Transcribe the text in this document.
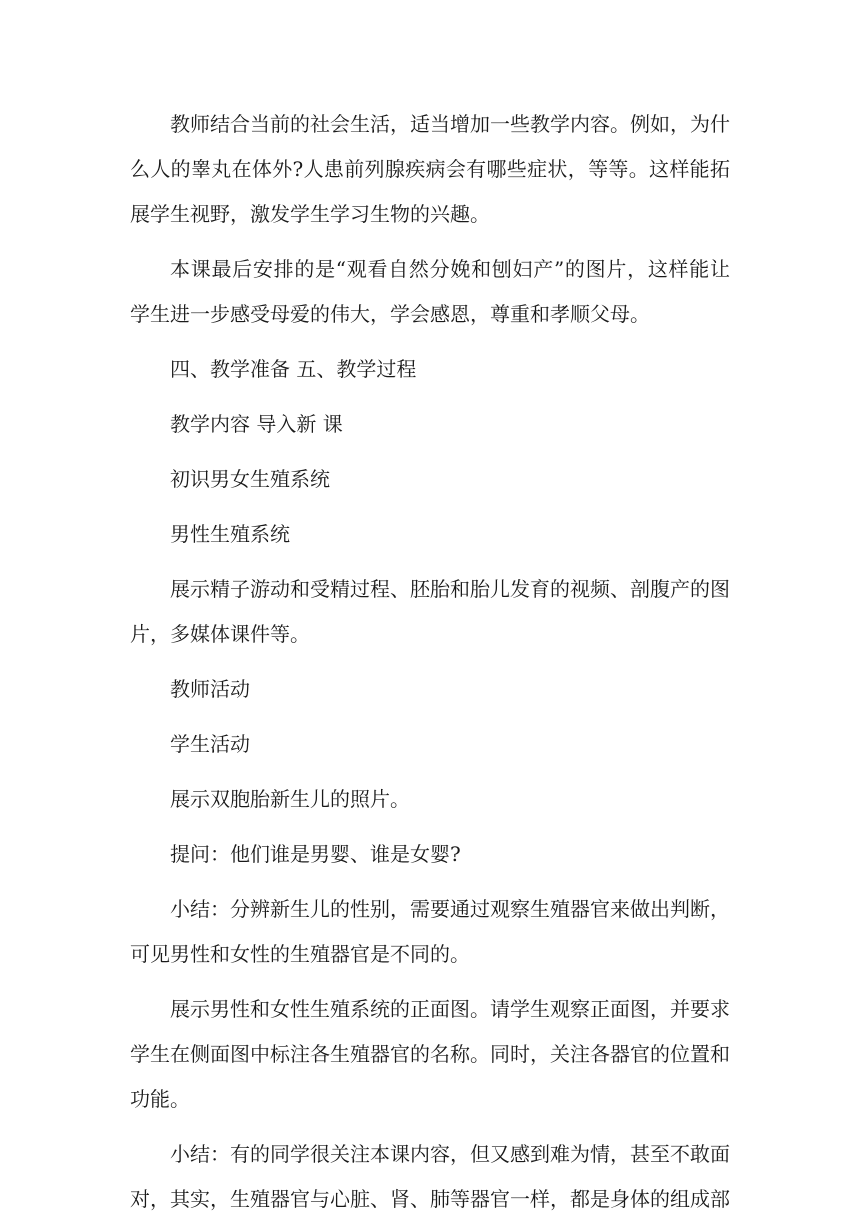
教师结合当前的社会生活，适当增加一些教学内容。例如，为什么人的睾丸在体外?人患前列腺疾病会有哪些症状，等等。这样能拓展学生视野，激发学生学习生物的兴趣。

本课最后安排的是“观看自然分娩和刨妇产”的图片，这样能让学生进一步感受母爱的伟大，学会感恩，尊重和孝顺父母。

四、教学准备 五、教学过程

教学内容 导入新 课

初识男女生殖系统

男性生殖系统

展示精子游动和受精过程、胚胎和胎儿发育的视频、剖腹产的图片，多媒体课件等。

教师活动

学生活动

展示双胞胎新生儿的照片。

提问：他们谁是男婴、谁是女婴?

小结：分辨新生儿的性别，需要通过观察生殖器官来做出判断，可见男性和女性的生殖器官是不同的。

展示男性和女性生殖系统的正面图。请学生观察正面图，并要求学生在侧面图中标注各生殖器官的名称。同时，关注各器官的位置和功能。

小结：有的同学很关注本课内容，但又感到难为情，甚至不敢面对，其实，生殖器官与心脏、肾、肺等器官一样，都是身体的组成部
